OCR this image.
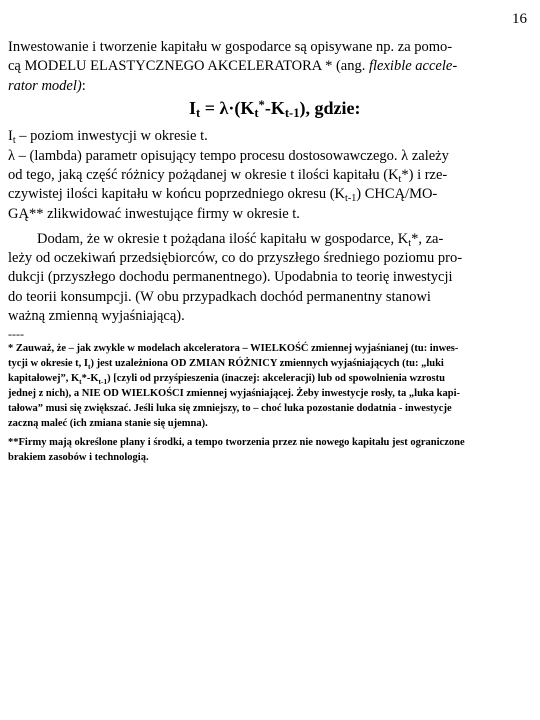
16
Inwestowanie i tworzenie kapitału w gospodarce są opisywane np. za pomo-
cą MODELU ELASTYCZNEGO AKCELERATORA * (ang. flexible accele-
rator model):
$I_t = \lambda\cdot(K_t^*-K_{t-1})$, gdzie:
$I_t$ – poziom inwestycji w okresie t.
λ – (lambda) parametr opisujący tempo procesu dostosowawczego. λ zależy
od tego, jaką część różnicy pożądanej w okresie t ilości kapitału $(K_t*)$ i rze-
czywistej ilości kapitału w końcu poprzedniego okresu $(K_{t-1})$ CHCĄ/MO-
GĄ** zlikwidować inwestujące firmy w okresie t.
Dodam, że w okresie t pożądana ilość kapitału w gospodarce, $K_t*$, za-
leży od oczekiwań przedsiębiorców, co do przyszłego średniego poziomu pro-
dukcji (przyszłego dochodu permanentnego). Upodabnia to teorię inwestycji
do teorii konsumpcji. (W obu przypadkach dochód permanentny stanowi
ważną zmienną wyjaśniającą).
----
* Zauważ, że – jak zwykle w modelach akceleratora – WIELKOŚĆ zmiennej wyjaśnianej (tu: inwes-
tycji w okresie t, $I_t$) jest uzależniona OD ZMIAN RÓŻNICY zmiennych wyjaśniających (tu: „luki
kapitałowej”, $K_t*-K_{t-1}$) [czyli od przyśpieszenia (inaczej: akceleracji) lub od spowolnienia wzrostu
jednej z nich), a NIE OD WIELKOŚCI zmiennej wyjaśniającej. Żeby inwestycje rosły, ta „luka kapi-
tałowa” musi się zwiększać. Jeśli luka się zmniejszy, to – choć luka pozostanie dodatnia - inwestycje
zaczną maleć (ich zmiana stanie się ujemna).
**Firmy mają określone plany i środki, a tempo tworzenia przez nie nowego kapitału jest ograniczone
brakiem zasobów i technologią.
